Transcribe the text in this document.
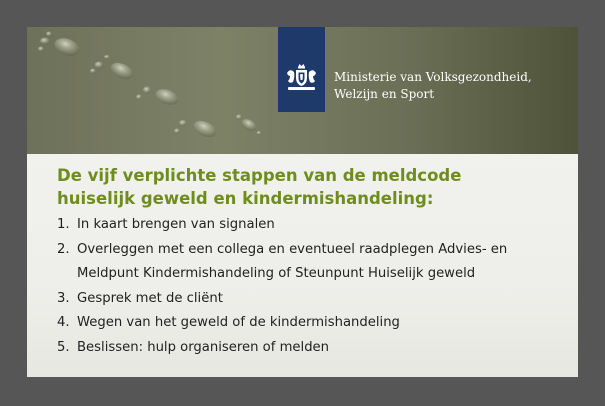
Ministerie van Volksgezondheid,
Welzijn en Sport
De vijf verplichte stappen van de meldcode
huiselijk geweld en kindermishandeling:
1. In kaart brengen van signalen
2. Overleggen met een collega en eventueel raadplegen Advies- en
Meldpunt Kindermishandeling of Steunpunt Huiselijk geweld
3. Gesprek met de cliënt
4. Wegen van het geweld of de kindermishandeling
5. Beslissen: hulp organiseren of melden
